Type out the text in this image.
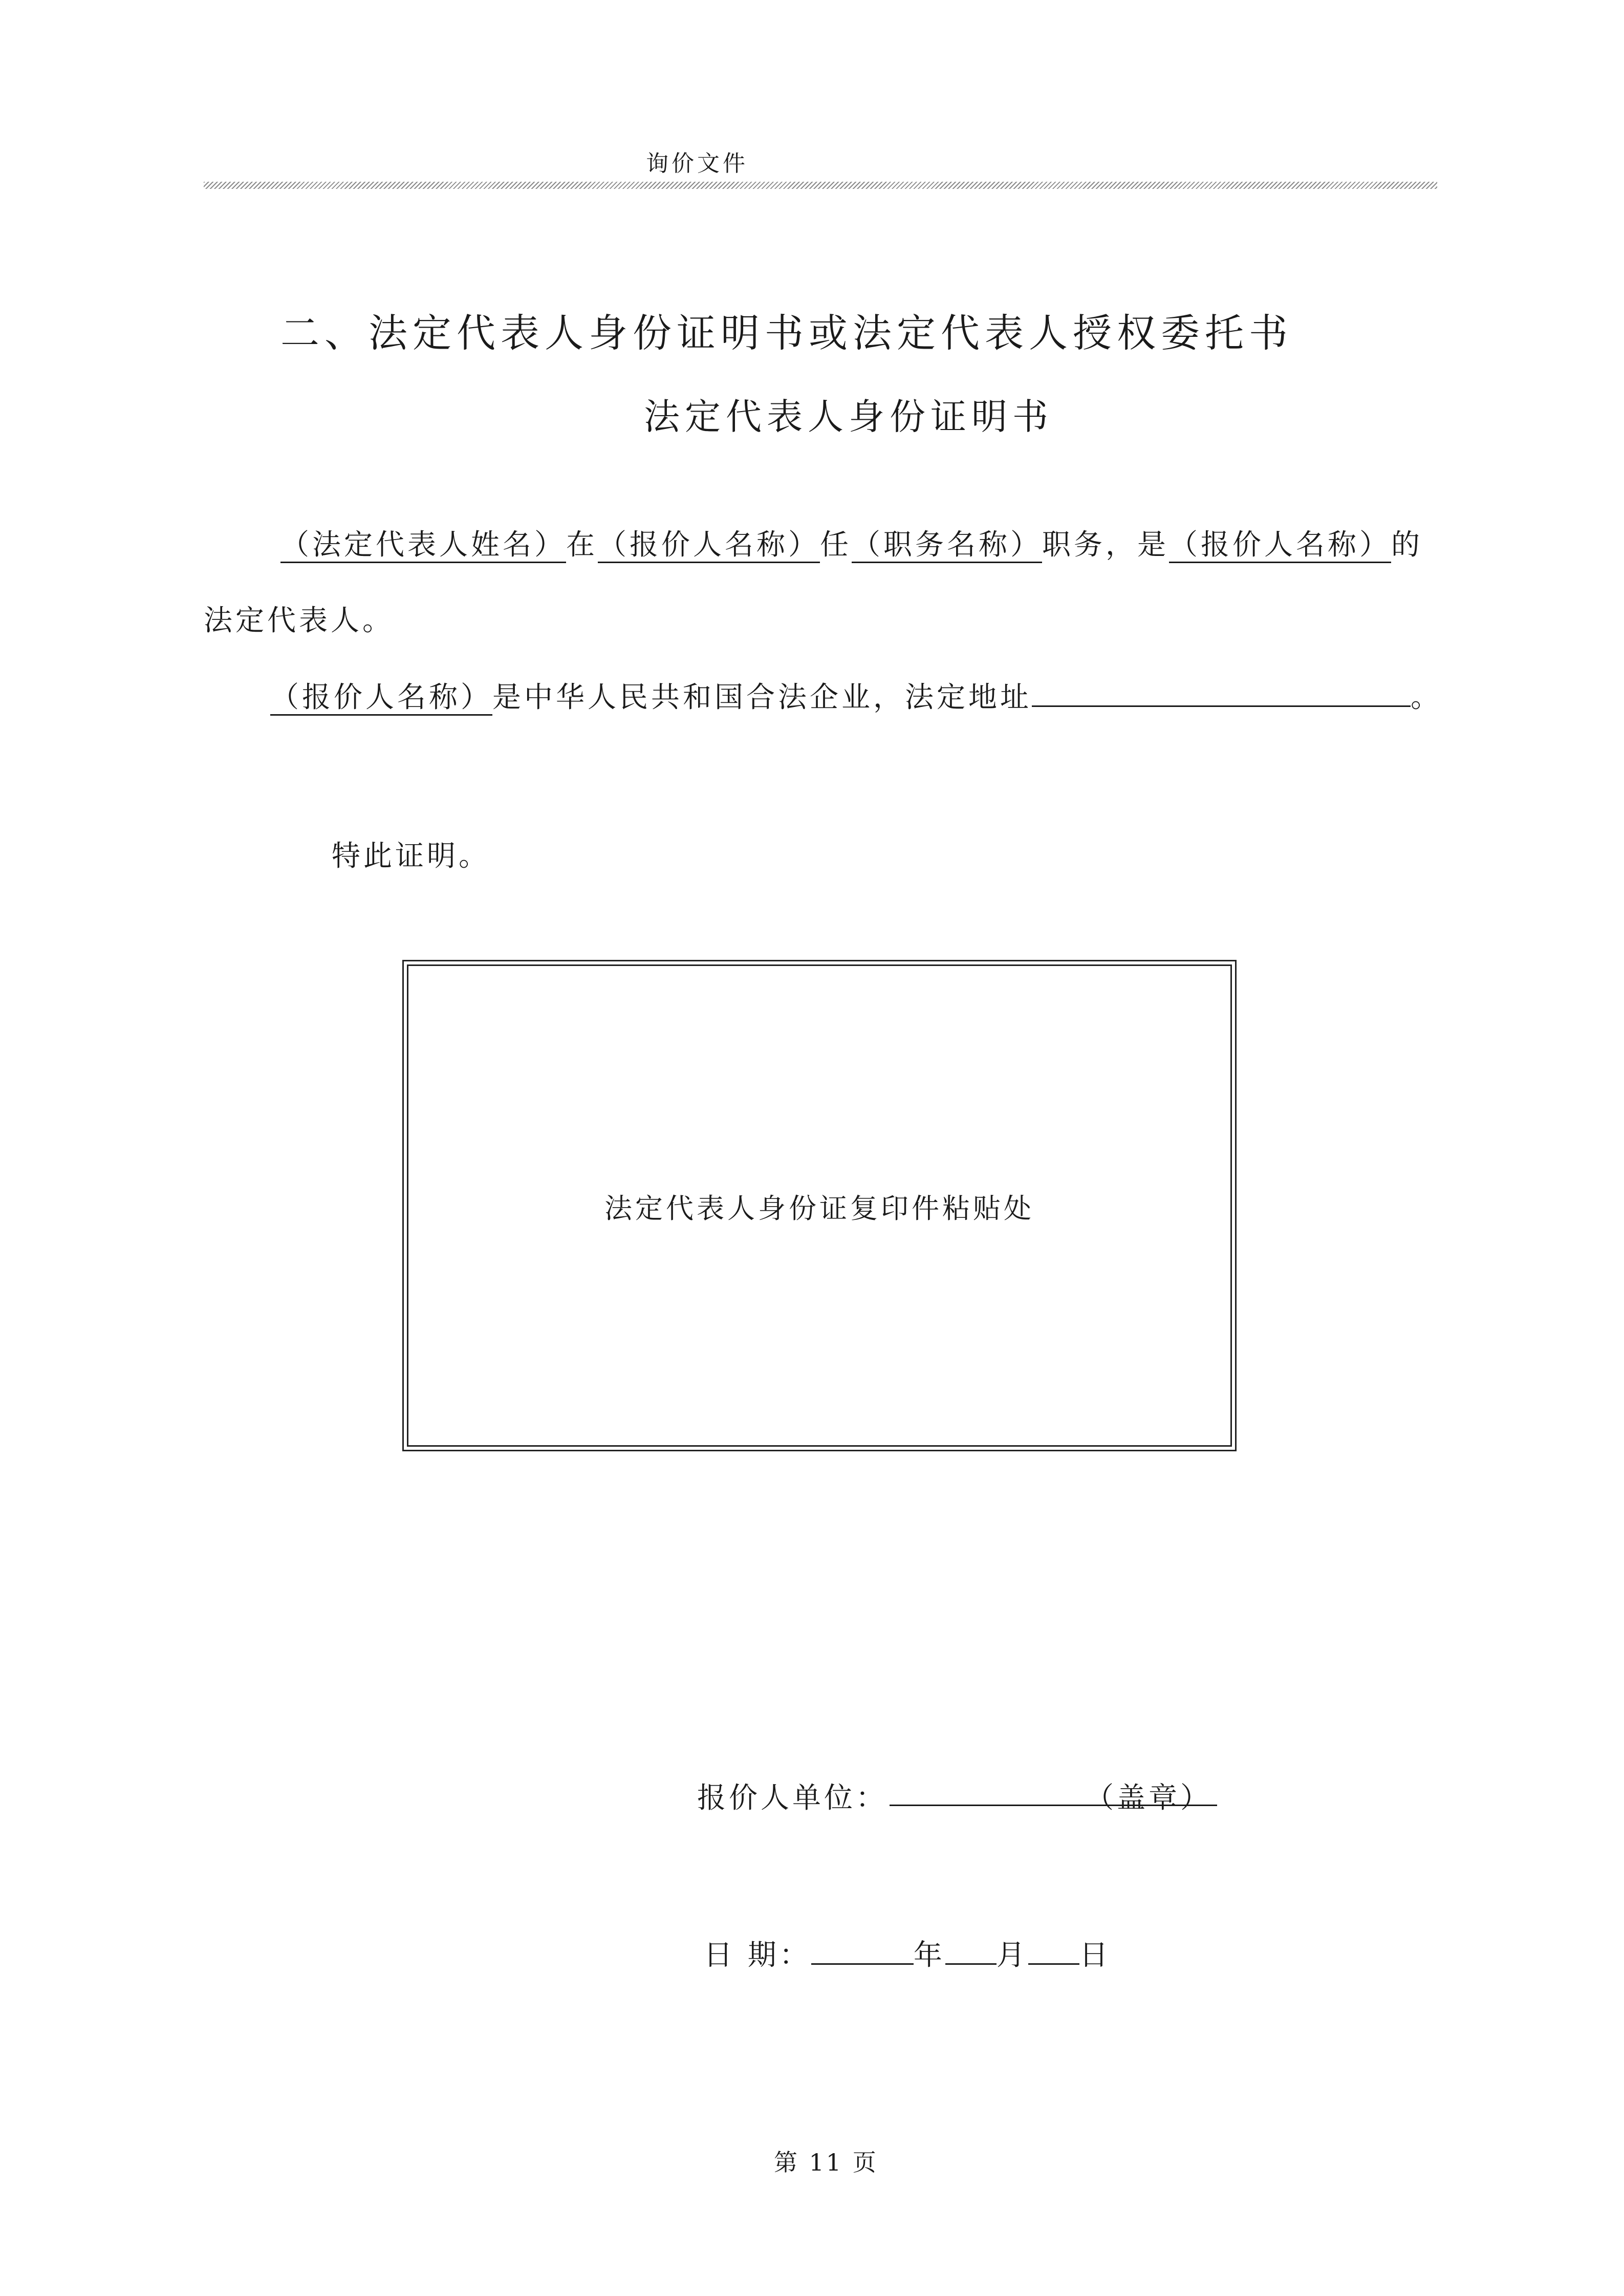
询价文件
二、法定代表人身份证明书或法定代表人授权委托书
法定代表人身份证明书
（法定代表人姓名）在（报价人名称）任（职务名称）职务，是（报价人名称）的
法定代表人。
（报价人名称）是中华人民共和国合法企业，法定地址	。
特此证明。
法定代表人身份证复印件粘贴处
报价人单位：	（盖章）
日 期：	年 月 日
第 11 页
